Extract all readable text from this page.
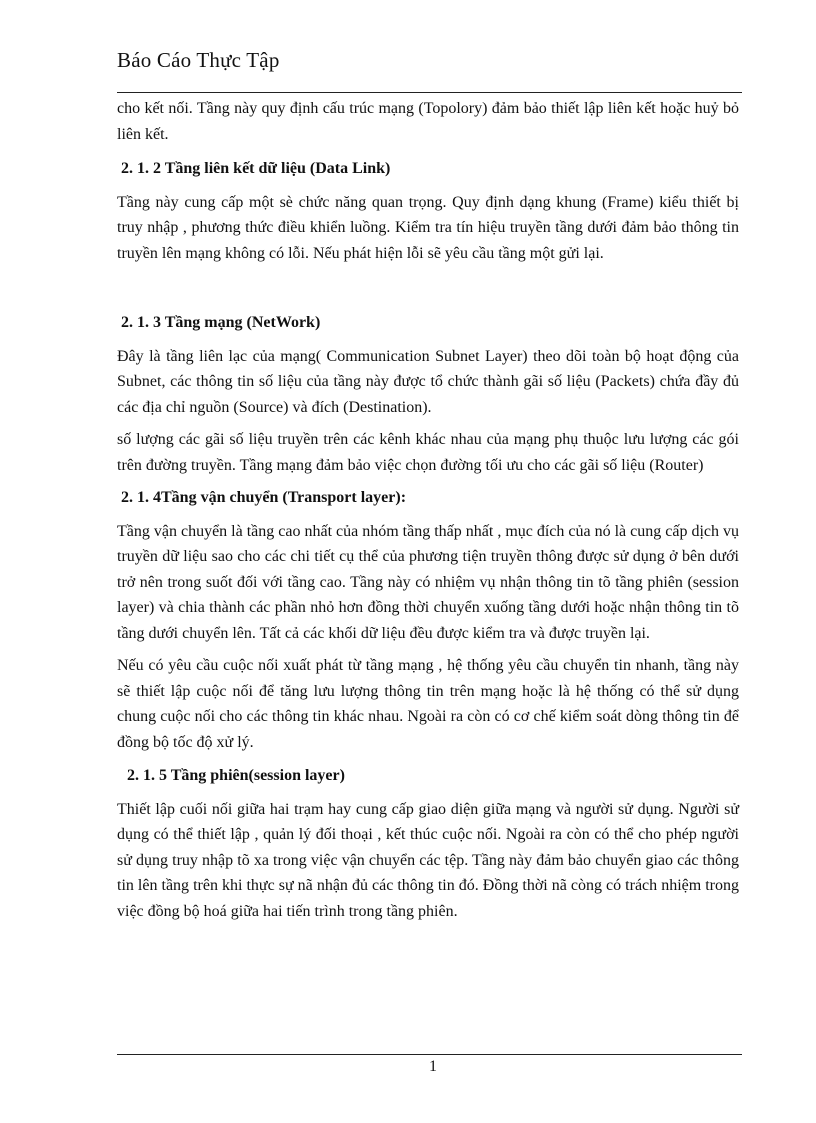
Báo Cáo Thực Tập

cho kết nối. Tầng này quy định cấu trúc mạng (Topolory) đảm bảo thiết lập liên kết hoặc huỷ bỏ liên kết.

2. 1. 2 Tầng liên kết dữ liệu (Data Link)

Tầng này cung cấp một sè chức năng quan trọng. Quy định dạng khung (Frame) kiểu thiết bị truy nhập , phương thức điều khiển luồng. Kiểm tra tín hiệu truyền tầng dưới đảm bảo thông tin truyền lên mạng không có lỗi. Nếu phát hiện lỗi sẽ yêu cầu tầng một gửi lại.

2. 1. 3 Tầng mạng (NetWork)

Đây là tầng liên lạc của mạng( Communication Subnet Layer) theo dõi toàn bộ hoạt động của Subnet, các thông tin số liệu của tầng này được tổ chức thành gãi số liệu (Packets) chứa đầy đủ các địa chỉ nguồn (Source) và đích (Destination).

số lượng các gãi số liệu truyền trên các kênh khác nhau của mạng phụ thuộc lưu lượng các gói trên đường truyền. Tầng mạng đảm bảo việc chọn đường tối ưu cho các gãi số liệu (Router)

2. 1. 4Tầng vận chuyển (Transport layer):

Tầng vận chuyển là tầng cao nhất của nhóm tầng thấp nhất , mục đích của nó là cung cấp dịch vụ truyền dữ liệu sao cho các chi tiết cụ thể của phương tiện truyền thông được sử dụng ở bên dưới trở nên trong suốt đối với tầng cao. Tầng này có nhiệm vụ nhận thông tin tõ tầng phiên (session layer) và chia thành các phần nhỏ hơn đồng thời chuyển xuống tầng dưới hoặc nhận thông tin tõ tầng dưới chuyển lên. Tất cả các khối dữ liệu đều được kiểm tra và được truyền lại.

Nếu có yêu cầu cuộc nối xuất phát từ tầng mạng , hệ thống yêu cầu chuyển tin nhanh, tầng này sẽ thiết lập cuộc nối để tăng lưu lượng thông tin trên mạng hoặc là hệ thống có thể sử dụng chung cuộc nối cho các thông tin khác nhau. Ngoài ra còn có cơ chế kiểm soát dòng thông tin để đồng bộ tốc độ xử lý.

2. 1. 5 Tầng phiên(session layer)

Thiết lập cuối nối giữa hai trạm hay cung cấp giao diện giữa mạng và người sử dụng. Người sử dụng có thể thiết lập , quản lý đối thoại , kết thúc cuộc nối. Ngoài ra còn có thể cho phép người sử dụng truy nhập tõ xa trong việc vận chuyển các tệp. Tầng này đảm bảo chuyển giao các thông tin lên tầng trên khi thực sự nã nhận đủ các thông tin đó. Đồng thời nã còng có trách nhiệm trong việc đồng bộ hoá giữa hai tiến trình trong tầng phiên.

1
